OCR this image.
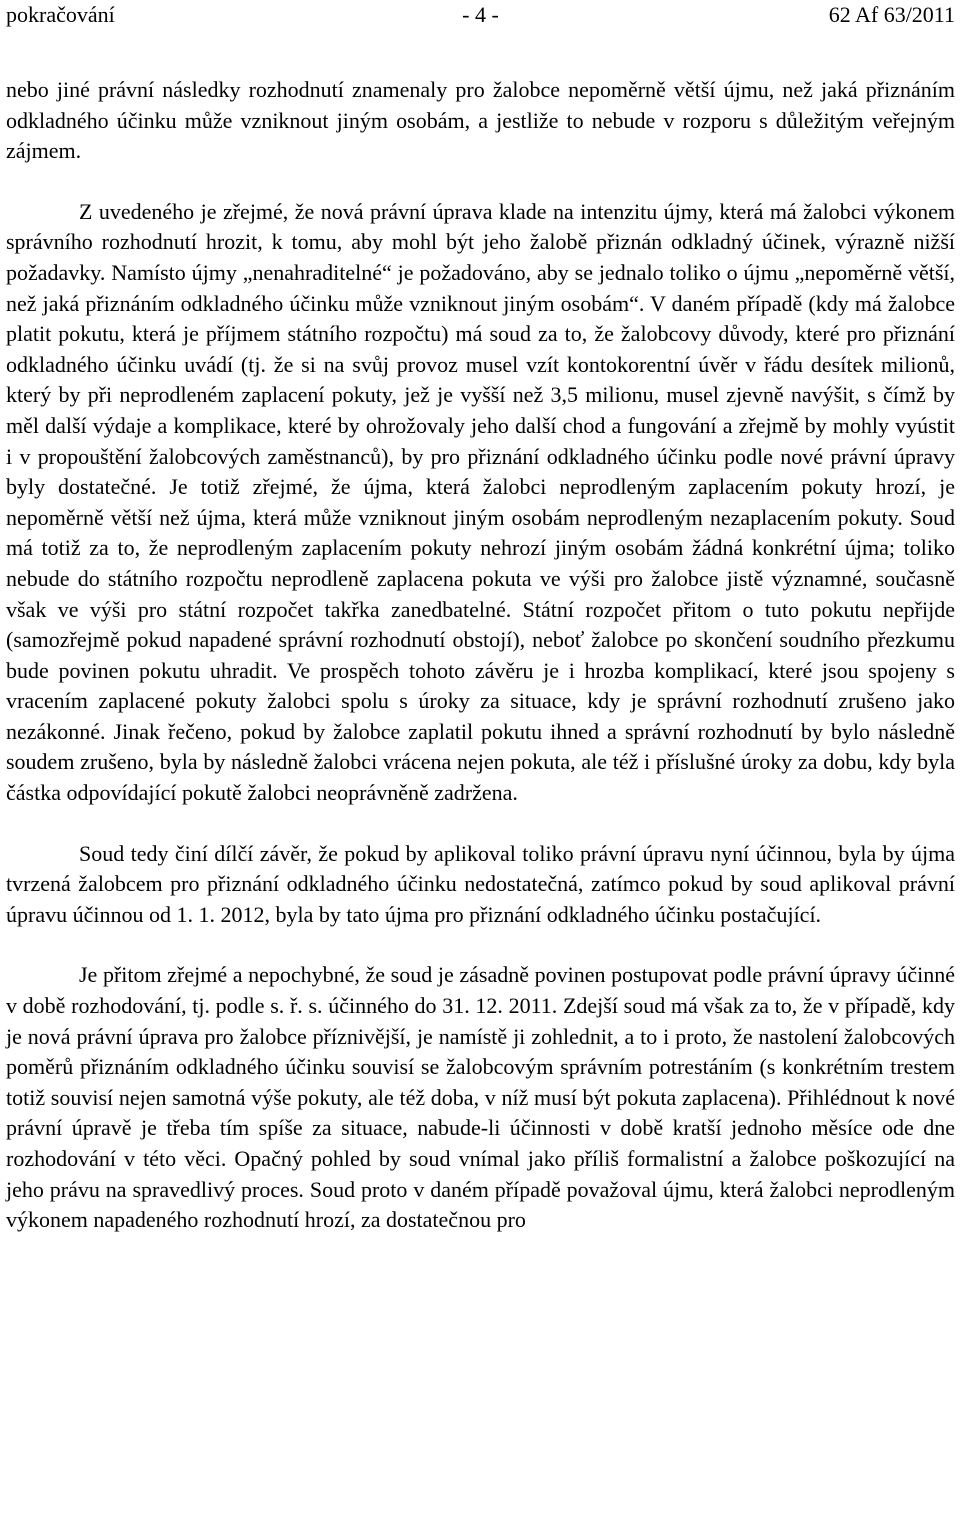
pokračování	- 4 -	62 Af 63/2011

nebo jiné právní následky rozhodnutí znamenaly pro žalobce nepoměrně větší újmu, než jaká přiznáním odkladného účinku může vzniknout jiným osobám, a jestliže to nebude v rozporu s důležitým veřejným zájmem.

Z uvedeného je zřejmé, že nová právní úprava klade na intenzitu újmy, která má žalobci výkonem správního rozhodnutí hrozit, k tomu, aby mohl být jeho žalobě přiznán odkladný účinek, výrazně nižší požadavky. Namísto újmy „nenahraditelné“ je požadováno, aby se jednalo toliko o újmu „nepoměrně větší, než jaká přiznáním odkladného účinku může vzniknout jiným osobám“. V daném případě (kdy má žalobce platit pokutu, která je příjmem státního rozpočtu) má soud za to, že žalobcovy důvody, které pro přiznání odkladného účinku uvádí (tj. že si na svůj provoz musel vzít kontokorentní úvěr v řádu desítek milionů, který by při neprodleném zaplacení pokuty, jež je vyšší než 3,5 milionu, musel zjevně navýšit, s čímž by měl další výdaje a komplikace, které by ohrožovaly jeho další chod a fungování a zřejmě by mohly vyústit i v propouštění žalobcových zaměstnanců), by pro přiznání odkladného účinku podle nové právní úpravy byly dostatečné. Je totiž zřejmé, že újma, která žalobci neprodleným zaplacením pokuty hrozí, je nepoměrně větší než újma, která může vzniknout jiným osobám neprodleným nezaplacením pokuty. Soud má totiž za to, že neprodleným zaplacením pokuty nehrozí jiným osobám žádná konkrétní újma; toliko nebude do státního rozpočtu neprodleně zaplacena pokuta ve výši pro žalobce jistě významné, současně však ve výši pro státní rozpočet takřka zanedbatelné. Státní rozpočet přitom o tuto pokutu nepřijde (samozřejmě pokud napadené správní rozhodnutí obstojí), neboť žalobce po skončení soudního přezkumu bude povinen pokutu uhradit. Ve prospěch tohoto závěru je i hrozba komplikací, které jsou spojeny s vracením zaplacené pokuty žalobci spolu s úroky za situace, kdy je správní rozhodnutí zrušeno jako nezákonné. Jinak řečeno, pokud by žalobce zaplatil pokutu ihned a správní rozhodnutí by bylo následně soudem zrušeno, byla by následně žalobci vrácena nejen pokuta, ale též i příslušné úroky za dobu, kdy byla částka odpovídající pokutě žalobci neoprávněně zadržena.

Soud tedy činí dílčí závěr, že pokud by aplikoval toliko právní úpravu nyní účinnou, byla by újma tvrzená žalobcem pro přiznání odkladného účinku nedostatečná, zatímco pokud by soud aplikoval právní úpravu účinnou od 1. 1. 2012, byla by tato újma pro přiznání odkladného účinku postačující.

Je přitom zřejmé a nepochybné, že soud je zásadně povinen postupovat podle právní úpravy účinné v době rozhodování, tj. podle s. ř. s. účinného do 31. 12. 2011. Zdejší soud má však za to, že v případě, kdy je nová právní úprava pro žalobce příznivější, je namístě ji zohlednit, a to i proto, že nastolení žalobcových poměrů přiznáním odkladného účinku souvisí se žalobcovým správním potrestáním (s konkrétním trestem totiž souvisí nejen samotná výše pokuty, ale též doba, v níž musí být pokuta zaplacena). Přihlédnout k nové právní úpravě je třeba tím spíše za situace, nabude-li účinnosti v době kratší jednoho měsíce ode dne rozhodování v této věci. Opačný pohled by soud vnímal jako příliš formalistní a žalobce poškozující na jeho právu na spravedlivý proces. Soud proto v daném případě považoval újmu, která žalobci neprodleným výkonem napadeného rozhodnutí hrozí, za dostatečnou pro
